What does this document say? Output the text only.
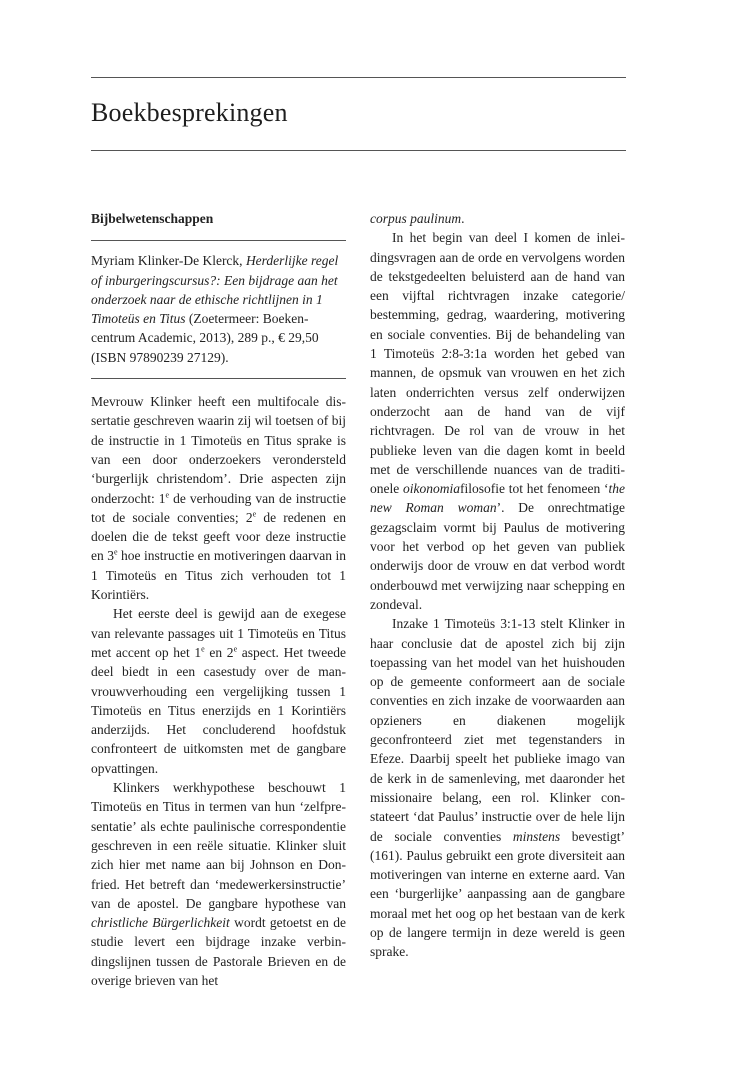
Boekbesprekingen
Bijbelwetenschappen

Myriam Klinker-De Klerck, Herderlijke regel of inburgeringscursus?: Een bijdrage aan het onderzoek naar de ethische richtlijnen in 1 Timoteüs en Titus (Zoetermeer: Boekencentrum Academic, 2013), 289 p., € 29,50 (ISBN 97890239 27129).

Mevrouw Klinker heeft een multifocale dissertatie geschreven waarin zij wil toetsen of bij de instructie in 1 Timoteüs en Titus sprake is van een door onderzoekers verondersteld ‘burgerlijk christendom’. Drie aspecten zijn onderzocht: 1e de verhouding van de instructie tot de sociale conventies; 2e de redenen en doelen die de tekst geeft voor deze instructie en 3e hoe instructie en motiveringen daarvan in 1 Timoteüs en Titus zich verhouden tot 1 Korintiërs.

Het eerste deel is gewijd aan de exegese van relevante passages uit 1 Timoteüs en Titus met accent op het 1e en 2e aspect. Het tweede deel biedt in een casestudy over de man-vrouwverhouding een vergelijking tussen 1 Timoteüs en Titus enerzijds en 1 Korintiërs anderzijds. Het concluderend hoofdstuk confronteert de uitkomsten met de gangbare opvattingen.

Klinkers werkhypothese beschouwt 1 Timoteüs en Titus in termen van hun ‘zelfpresentatie’ als echte paulinische correspondentie geschreven in een reële situatie. Klinker sluit zich hier met name aan bij Johnson en Donfried. Het betreft dan ‘medewerkersinstructie’ van de apostel. De gangbare hypothese van christliche Bürgerlichkeit wordt getoetst en de studie levert een bijdrage inzake verbindingslijnen tussen de Pastorale Brieven en de overige brieven van het

corpus paulinum.

In het begin van deel I komen de inleidingsvragen aan de orde en vervolgens worden de tekstgedeelten beluisterd aan de hand van een vijftal richtvragen inzake categorie/ bestemming, gedrag, waardering, motivering en sociale conventies. Bij de behandeling van 1 Timoteüs 2:8-3:1a worden het gebed van mannen, de opsmuk van vrouwen en het zich laten onderrichten versus zelf onderwijzen onderzocht aan de hand van de vijf richtvragen. De rol van de vrouw in het publieke leven van die dagen komt in beeld met de verschillende nuances van de traditionele oikonomiafilosofie tot het fenomeen ‘the new Roman woman’. De onrechtmatige gezagsclaim vormt bij Paulus de motivering voor het verbod op het geven van publiek onderwijs door de vrouw en dat verbod wordt onderbouwd met verwijzing naar schepping en zondeval.

Inzake 1 Timoteüs 3:1-13 stelt Klinker in haar conclusie dat de apostel zich bij zijn toepassing van het model van het huishouden op de gemeente conformeert aan de sociale conventies en zich inzake de voorwaarden aan opzieners en diakenen mogelijk geconfronteerd ziet met tegenstanders in Efeze. Daarbij speelt het publieke imago van de kerk in de samenleving, met daaronder het missionaire belang, een rol. Klinker constateert ‘dat Paulus’ instructie over de hele lijn de sociale conventies minstens bevestigt’ (161). Paulus gebruikt een grote diversiteit aan motiveringen van interne en externe aard. Van een ‘burgerlijke’ aanpassing aan de gangbare moraal met het oog op het bestaan van de kerk op de langere termijn in deze wereld is geen sprake.
